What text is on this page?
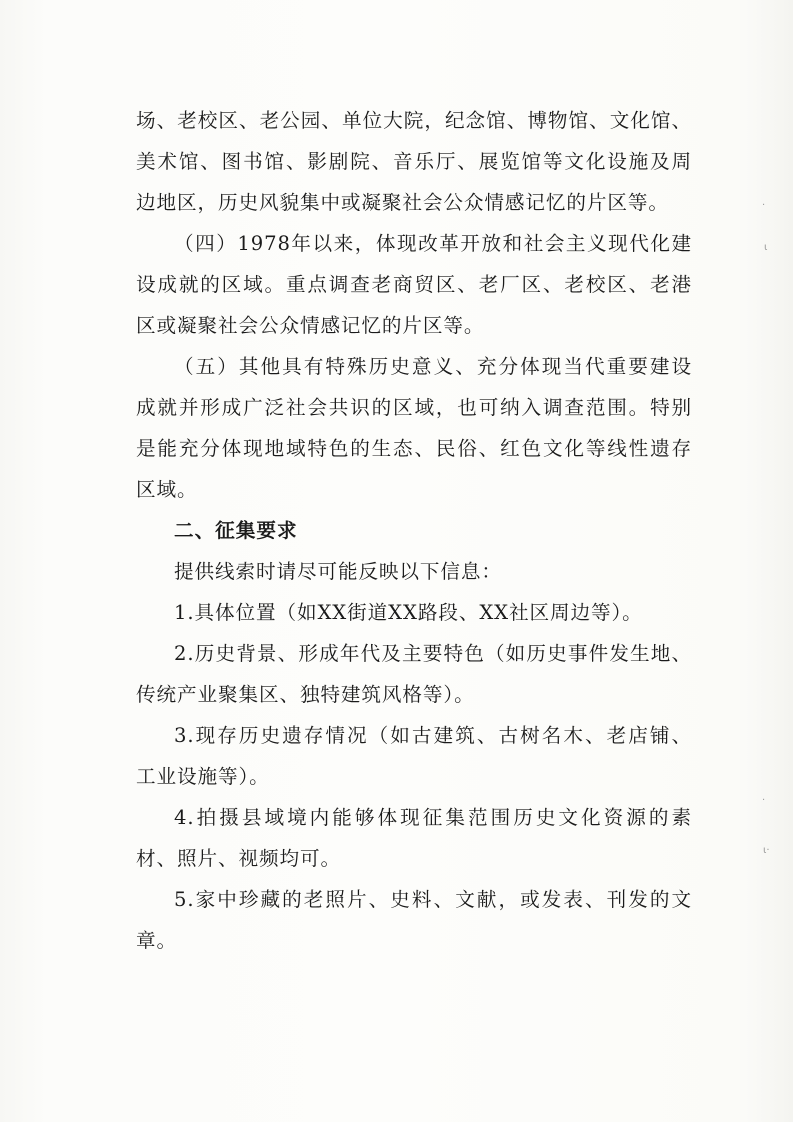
场、老校区、老公园、单位大院，纪念馆、博物馆、文化馆、
美术馆、图书馆、影剧院、音乐厅、展览馆等文化设施及周
边地区，历史风貌集中或凝聚社会公众情感记忆的片区等。
（四）1978年以来，体现改革开放和社会主义现代化建
设成就的区域。重点调查老商贸区、老厂区、老校区、老港
区或凝聚社会公众情感记忆的片区等。
（五）其他具有特殊历史意义、充分体现当代重要建设
成就并形成广泛社会共识的区域，也可纳入调查范围。特别
是能充分体现地域特色的生态、民俗、红色文化等线性遗存
区域。
二、征集要求
提供线索时请尽可能反映以下信息：
1.具体位置（如XX街道XX路段、XX社区周边等）。
2.历史背景、形成年代及主要特色（如历史事件发生地、
传统产业聚集区、独特建筑风格等）。
3.现存历史遗存情况（如古建筑、古树名木、老店铺、
工业设施等）。
4.拍摄县域境内能够体现征集范围历史文化资源的素
材、照片、视频均可。
5.家中珍藏的老照片、史料、文献，或发表、刊发的文
章。
·
ι
·
ι·
